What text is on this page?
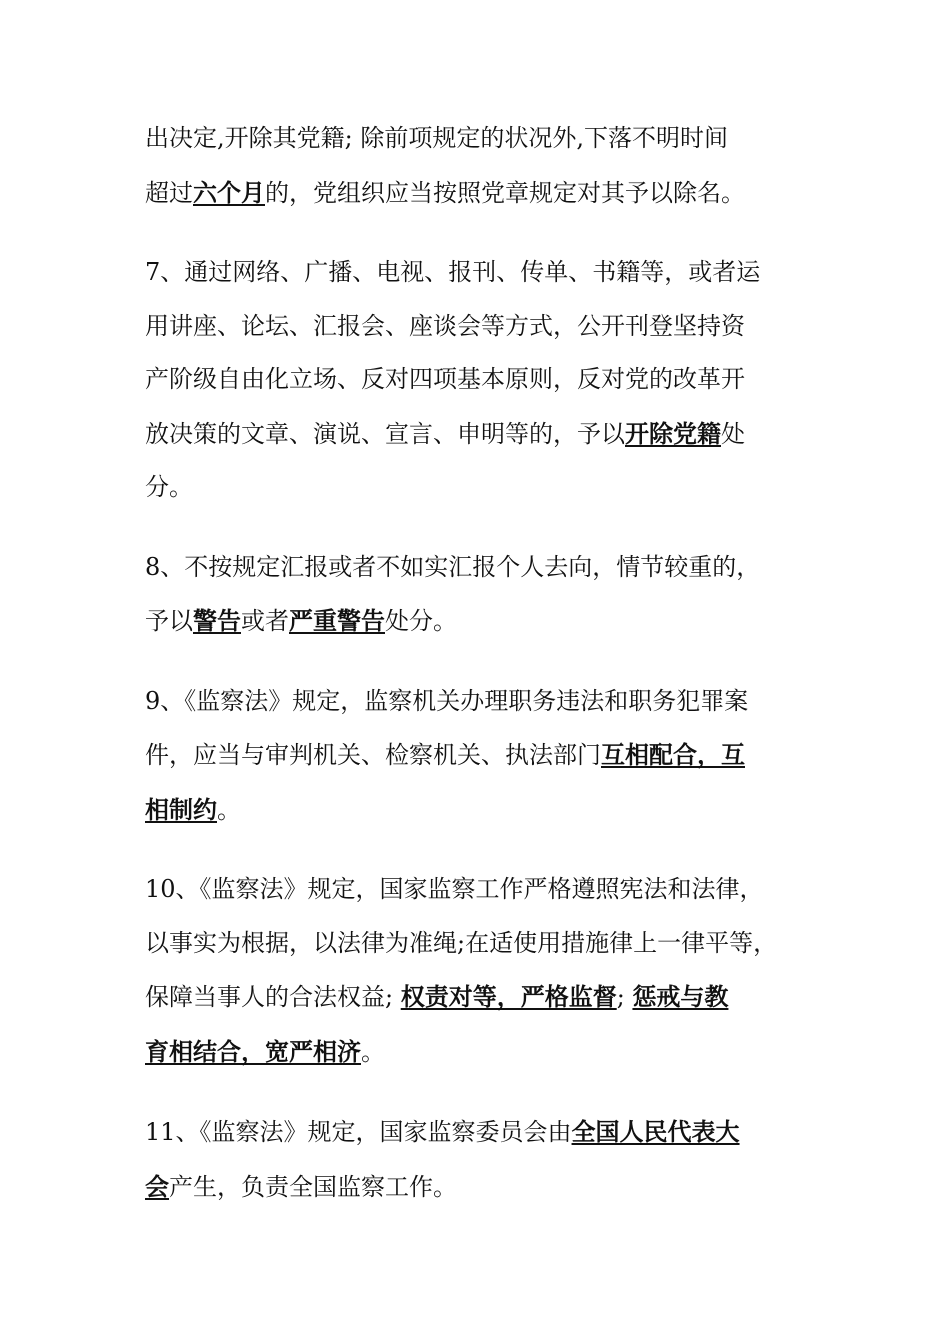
出决定,开除其党籍; 除前项规定的状况外,下落不明时间
超过六个月的，党组织应当按照党章规定对其予以除名。
7、通过网络、广播、电视、报刊、传单、书籍等，或者运
用讲座、论坛、汇报会、座谈会等方式，公开刊登坚持资
产阶级自由化立场、反对四项基本原则，反对党的改革开
放决策的文章、演说、宣言、申明等的，予以开除党籍处
分。
8、不按规定汇报或者不如实汇报个人去向，情节较重的，
予以警告或者严重警告处分。
9、《监察法》规定，监察机关办理职务违法和职务犯罪案
件，应当与审判机关、检察机关、执法部门互相配合，互
相制约。
10、《监察法》规定，国家监察工作严格遵照宪法和法律，
以事实为根据，以法律为准绳;在适使用措施律上一律平等，
保障当事人的合法权益; 权责对等，严格监督; 惩戒与教
育相结合，宽严相济。
11、《监察法》规定，国家监察委员会由全国人民代表大
会产生，负责全国监察工作。
